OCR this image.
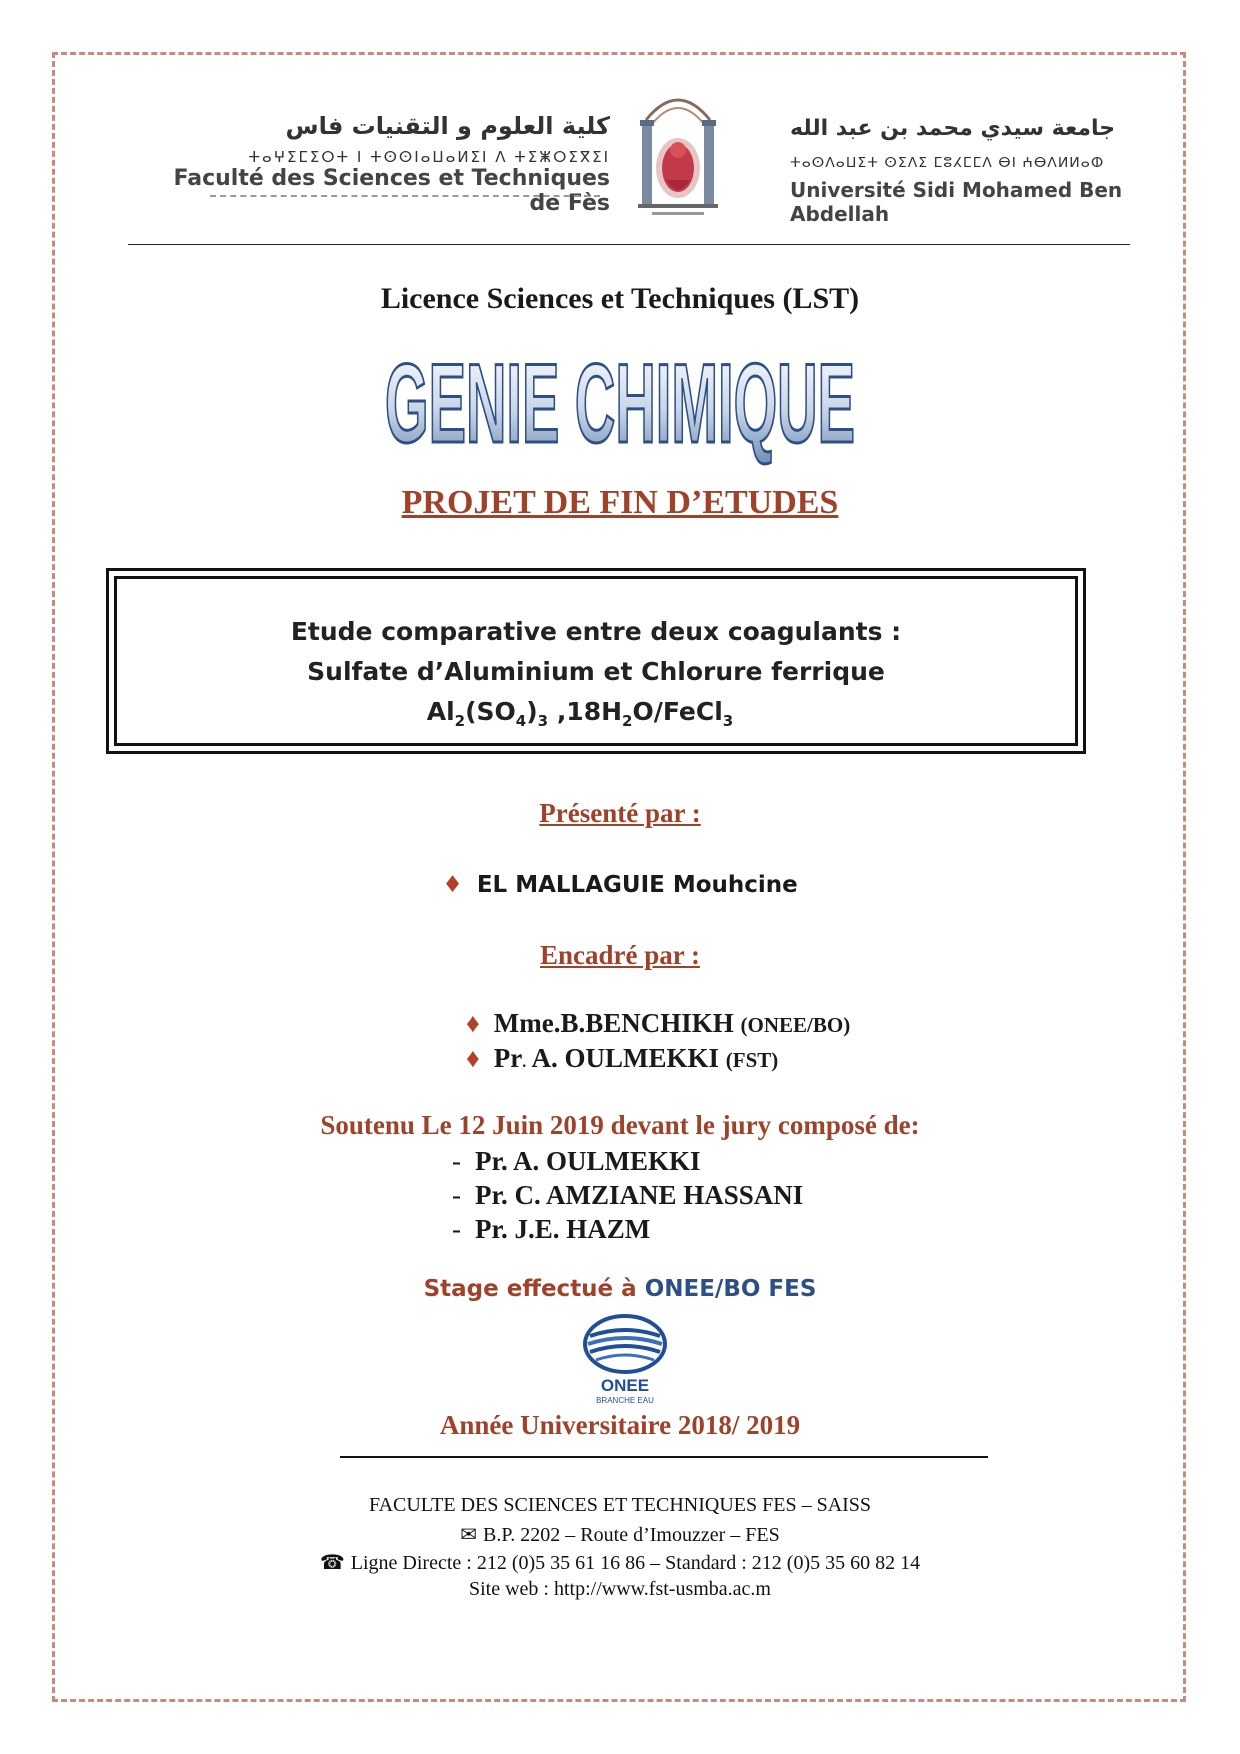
كلية العلوم و التقنيات فاس
ⵜⴰⵖⵉⵎⵉⵔⵜ ⵏ ⵜⵙⵙⵏⴰⵡⴰⵍⵉⵏ ⴷ ⵜⵉⵥⵔⵉⴳⵉⵏ
Faculté des Sciences et Techniques de Fès
جامعة سيدي محمد بن عبد الله
ⵜⴰⵙⴷⴰⵡⵉⵜ ⵙⵉⴷⵉ ⵎⵓⵃⵎⵎⴷ ⴱⵏ ⵄⴱⴷⵍⵍⴰⵀ
Université Sidi Mohamed Ben Abdellah
Licence Sciences et Techniques (LST)
GENIE CHIMIQUE
PROJET DE FIN D’ETUDES
Etude comparative entre deux coagulants :
Sulfate d’Aluminium et Chlorure ferrique
$Al_2(SO_4)_3$ $,18H_2O/FeCl_3$
Présenté par :
♦ EL MALLAGUIE Mouhcine
Encadré par :
♦ Mme.B.BENCHIKH (ONEE/BO)
♦ Pr. A. OULMEKKI (FST)
Soutenu Le 12 Juin 2019 devant le jury composé de:
- Pr. A. OULMEKKI
- Pr. C. AMZIANE HASSANI
- Pr. J.E. HAZM
Stage effectué à ONEE/BO FES
ONEE
BRANCHE EAU
Année Universitaire 2018/ 2019
FACULTE DES SCIENCES ET TECHNIQUES FES – SAISS
✉ B.P. 2202 – Route d’Imouzzer – FES
☎ Ligne Directe : 212 (0)5 35 61 16 86 – Standard : 212 (0)5 35 60 82 14
Site web : http://www.fst-usmba.ac.m
